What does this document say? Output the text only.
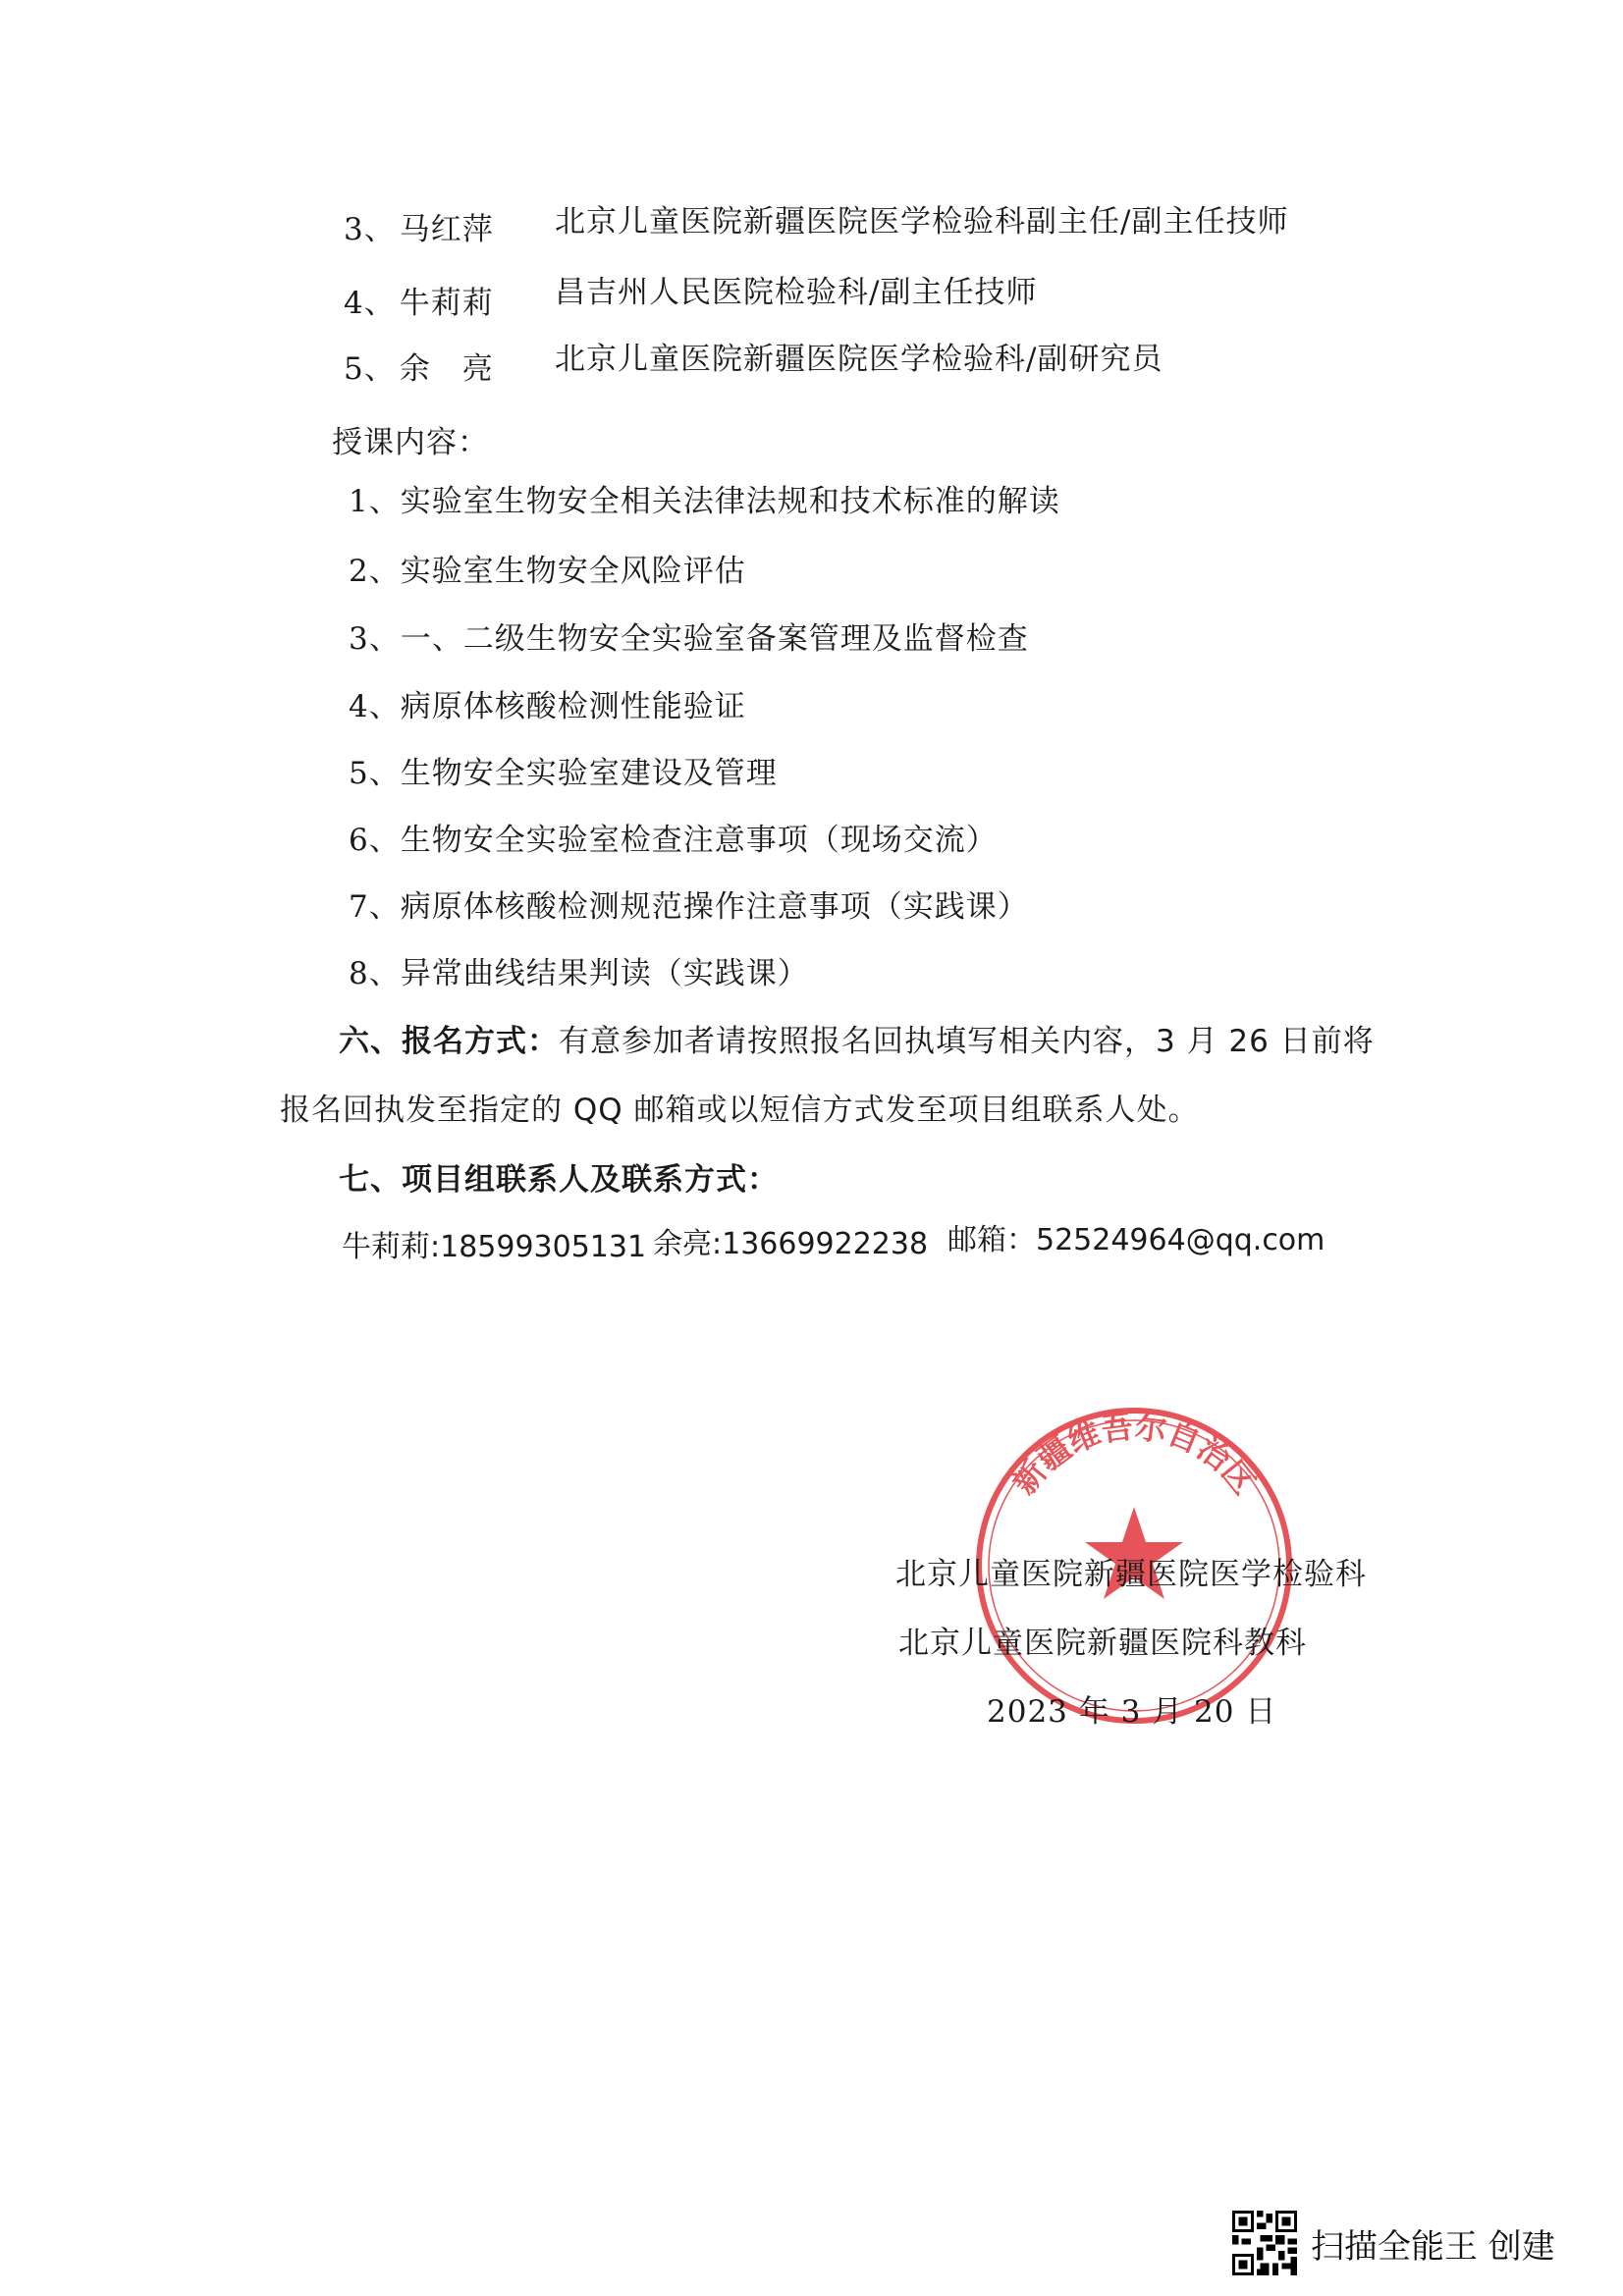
3、 马红萍 北京儿童医院新疆医院医学检验科副主任/副主任技师
4、 牛莉莉 昌吉州人民医院检验科/副主任技师
5、 余　亮 北京儿童医院新疆医院医学检验科/副研究员
授课内容：
1、实验室生物安全相关法律法规和技术标准的解读
2、实验室生物安全风险评估
3、一、二级生物安全实验室备案管理及监督检查
4、病原体核酸检测性能验证
5、生物安全实验室建设及管理
6、生物安全实验室检查注意事项（现场交流）
7、病原体核酸检测规范操作注意事项（实践课）
8、异常曲线结果判读（实践课）
六、报名方式：有意参加者请按照报名回执填写相关内容，3 月 26 日前将
报名回执发至指定的 QQ 邮箱或以短信方式发至项目组联系人处。
七、项目组联系人及联系方式：
牛莉莉:18599305131 余亮:13669922238 邮箱：52524964@qq.com
新疆维吾尔自治区
北京儿童医院新疆医院医学检验科
北京儿童医院新疆医院科教科
2023 年 3 月 20 日
扫描全能王 创建
